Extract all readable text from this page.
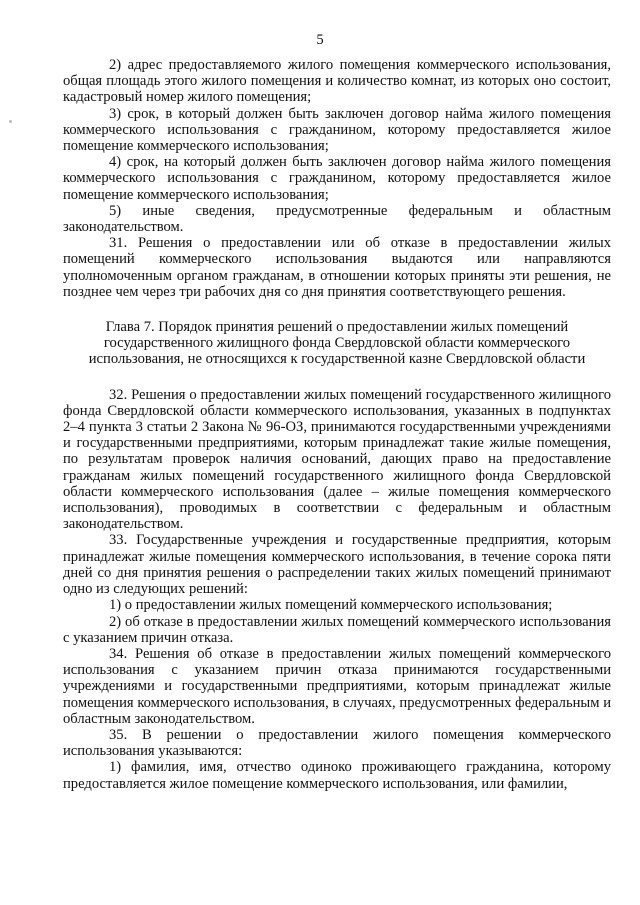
5

2) адрес предоставляемого жилого помещения коммерческого использования, общая площадь этого жилого помещения и количество комнат, из которых оно состоит, кадастровый номер жилого помещения;

3) срок, в который должен быть заключен договор найма жилого помещения коммерческого использования с гражданином, которому предоставляется жилое помещение коммерческого использования;

4) срок, на который должен быть заключен договор найма жилого помещения коммерческого использования с гражданином, которому предоставляется жилое помещение коммерческого использования;

5) иные сведения, предусмотренные федеральным и областным законодательством.

31. Решения о предоставлении или об отказе в предоставлении жилых помещений коммерческого использования выдаются или направляются уполномоченным органом гражданам, в отношении которых приняты эти решения, не позднее чем через три рабочих дня со дня принятия соответствующего решения.

Глава 7. Порядок принятия решений о предоставлении жилых помещений государственного жилищного фонда Свердловской области коммерческого использования, не относящихся к государственной казне Свердловской области

32. Решения о предоставлении жилых помещений государственного жилищного фонда Свердловской области коммерческого использования, указанных в подпунктах 2–4 пункта 3 статьи 2 Закона № 96-ОЗ, принимаются государственными учреждениями и государственными предприятиями, которым принадлежат такие жилые помещения, по результатам проверок наличия оснований, дающих право на предоставление гражданам жилых помещений государственного жилищного фонда Свердловской области коммерческого использования (далее – жилые помещения коммерческого использования), проводимых в соответствии с федеральным и областным законодательством.

33. Государственные учреждения и государственные предприятия, которым принадлежат жилые помещения коммерческого использования, в течение сорока пяти дней со дня принятия решения о распределении таких жилых помещений принимают одно из следующих решений:

1) о предоставлении жилых помещений коммерческого использования;

2) об отказе в предоставлении жилых помещений коммерческого использования с указанием причин отказа.

34. Решения об отказе в предоставлении жилых помещений коммерческого использования с указанием причин отказа принимаются государственными учреждениями и государственными предприятиями, которым принадлежат жилые помещения коммерческого использования, в случаях, предусмотренных федеральным и областным законодательством.

35. В решении о предоставлении жилого помещения коммерческого использования указываются:

1) фамилия, имя, отчество одиноко проживающего гражданина, которому предоставляется жилое помещение коммерческого использования, или фамилии,
